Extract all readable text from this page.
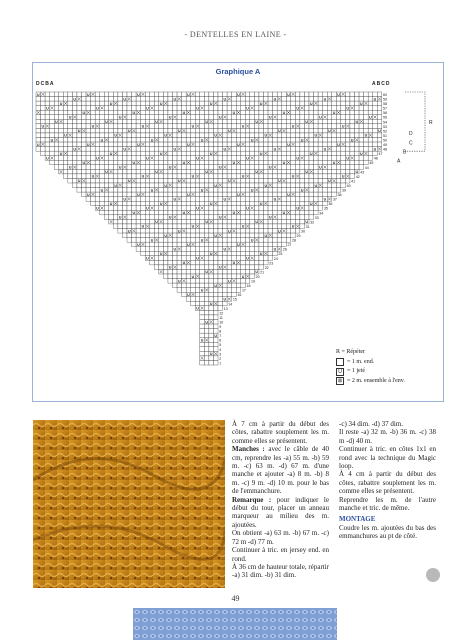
- DENTELLES EN LAINE -
U	U	U	U	U	U	U	60
U	U	U	U	U	U	U 59
U	U	U	U	U	U	U	58
U	U	U	U	U	U	U	57
U	U	U	U	U	U	56
U	U	U	U	U	U	U	55
U	U	U	U	U	U	U	54
U	U	U	U	U	U	U	53
U	U	U	U	U	U	U 52
U	U	U	U	U	U	U	51
U	U	U	U	U	U	U	50
U	U	U	U	U	U	U	49
U	U	U	U	U	U	U 48
U	U	U	U	U	U	U	47
U	U	U	U	U	U	U	46
U	U	U	U	U	U	45
U	U	U	U	U	U	44
U	U	U	U	U	U 43
U	U	U	U	U	U	42
U	U	U	U	U	U	41
U	U	U	U	U	40
U	U	U	U	U	39
U	U	U	U	U	38
U	U	U	U	U 37
U	U	U	U	U	36
U	U	U	U	U	35
U	U	U	U	34
U	U	U	U	33
U	U	U	U 32
U	U	U	U	31
U	U	U	U	30
U	U	U	29
U	U	U	28
U	U	U	27
U	U	U 26
U	U	U	25
U	U	U	24
U	U	23
U	U	22
U	U 21
U	U	20
U	U	19
U	18
U	17
U	16
U 15
U	14
U	13
12
11
U	10
9
8
U 7
U	6
5
4
U 3
2
1
R
D
C
B
A
Graphique A
DCBA	ABCD
R = Répéter
= 1 m. end.
U = 1 jeté
⊠ = 2 m. ensemble à l'env.

À 7 cm à partir du début des côtes, rabattre souplement les m. comme elles se présentent.

Manches : avec le câble de 40 cm, reprendre les -a) 55 m. -b) 59 m. -c) 63 m. -d) 67 m. d'une manche et ajouter -a) 8 m. -b) 8 m. -c) 9 m. -d) 10 m. pour le bas de l'emmanchure.

Remarque : pour indiquer le début du tour, placer un anneau marqueur au milieu des m. ajoutées.

On obtient -a) 63 m. -b) 67 m. -c) 72 m -d) 77 m.

Continuer à tric. en jersey end. en rond.

À 36 cm de hauteur totale, répartir -a) 31 dim. -b) 31 dim.

-c) 34 dim. -d) 37 dim.

Il reste -a) 32 m. -b) 36 m. -c) 38 m -d) 40 m.

Continuer à tric. en côtes 1x1 en rond avec la technique du Magic loop.

À 4 cm à partir du début des côtes, rabattre souplement les m. comme elles se présentent.

Reprendre les m. de l'autre manche et tric. de même.

MONTAGE

Coudre les m. ajoutées du bas des emmanchures au pt de côté.

49
